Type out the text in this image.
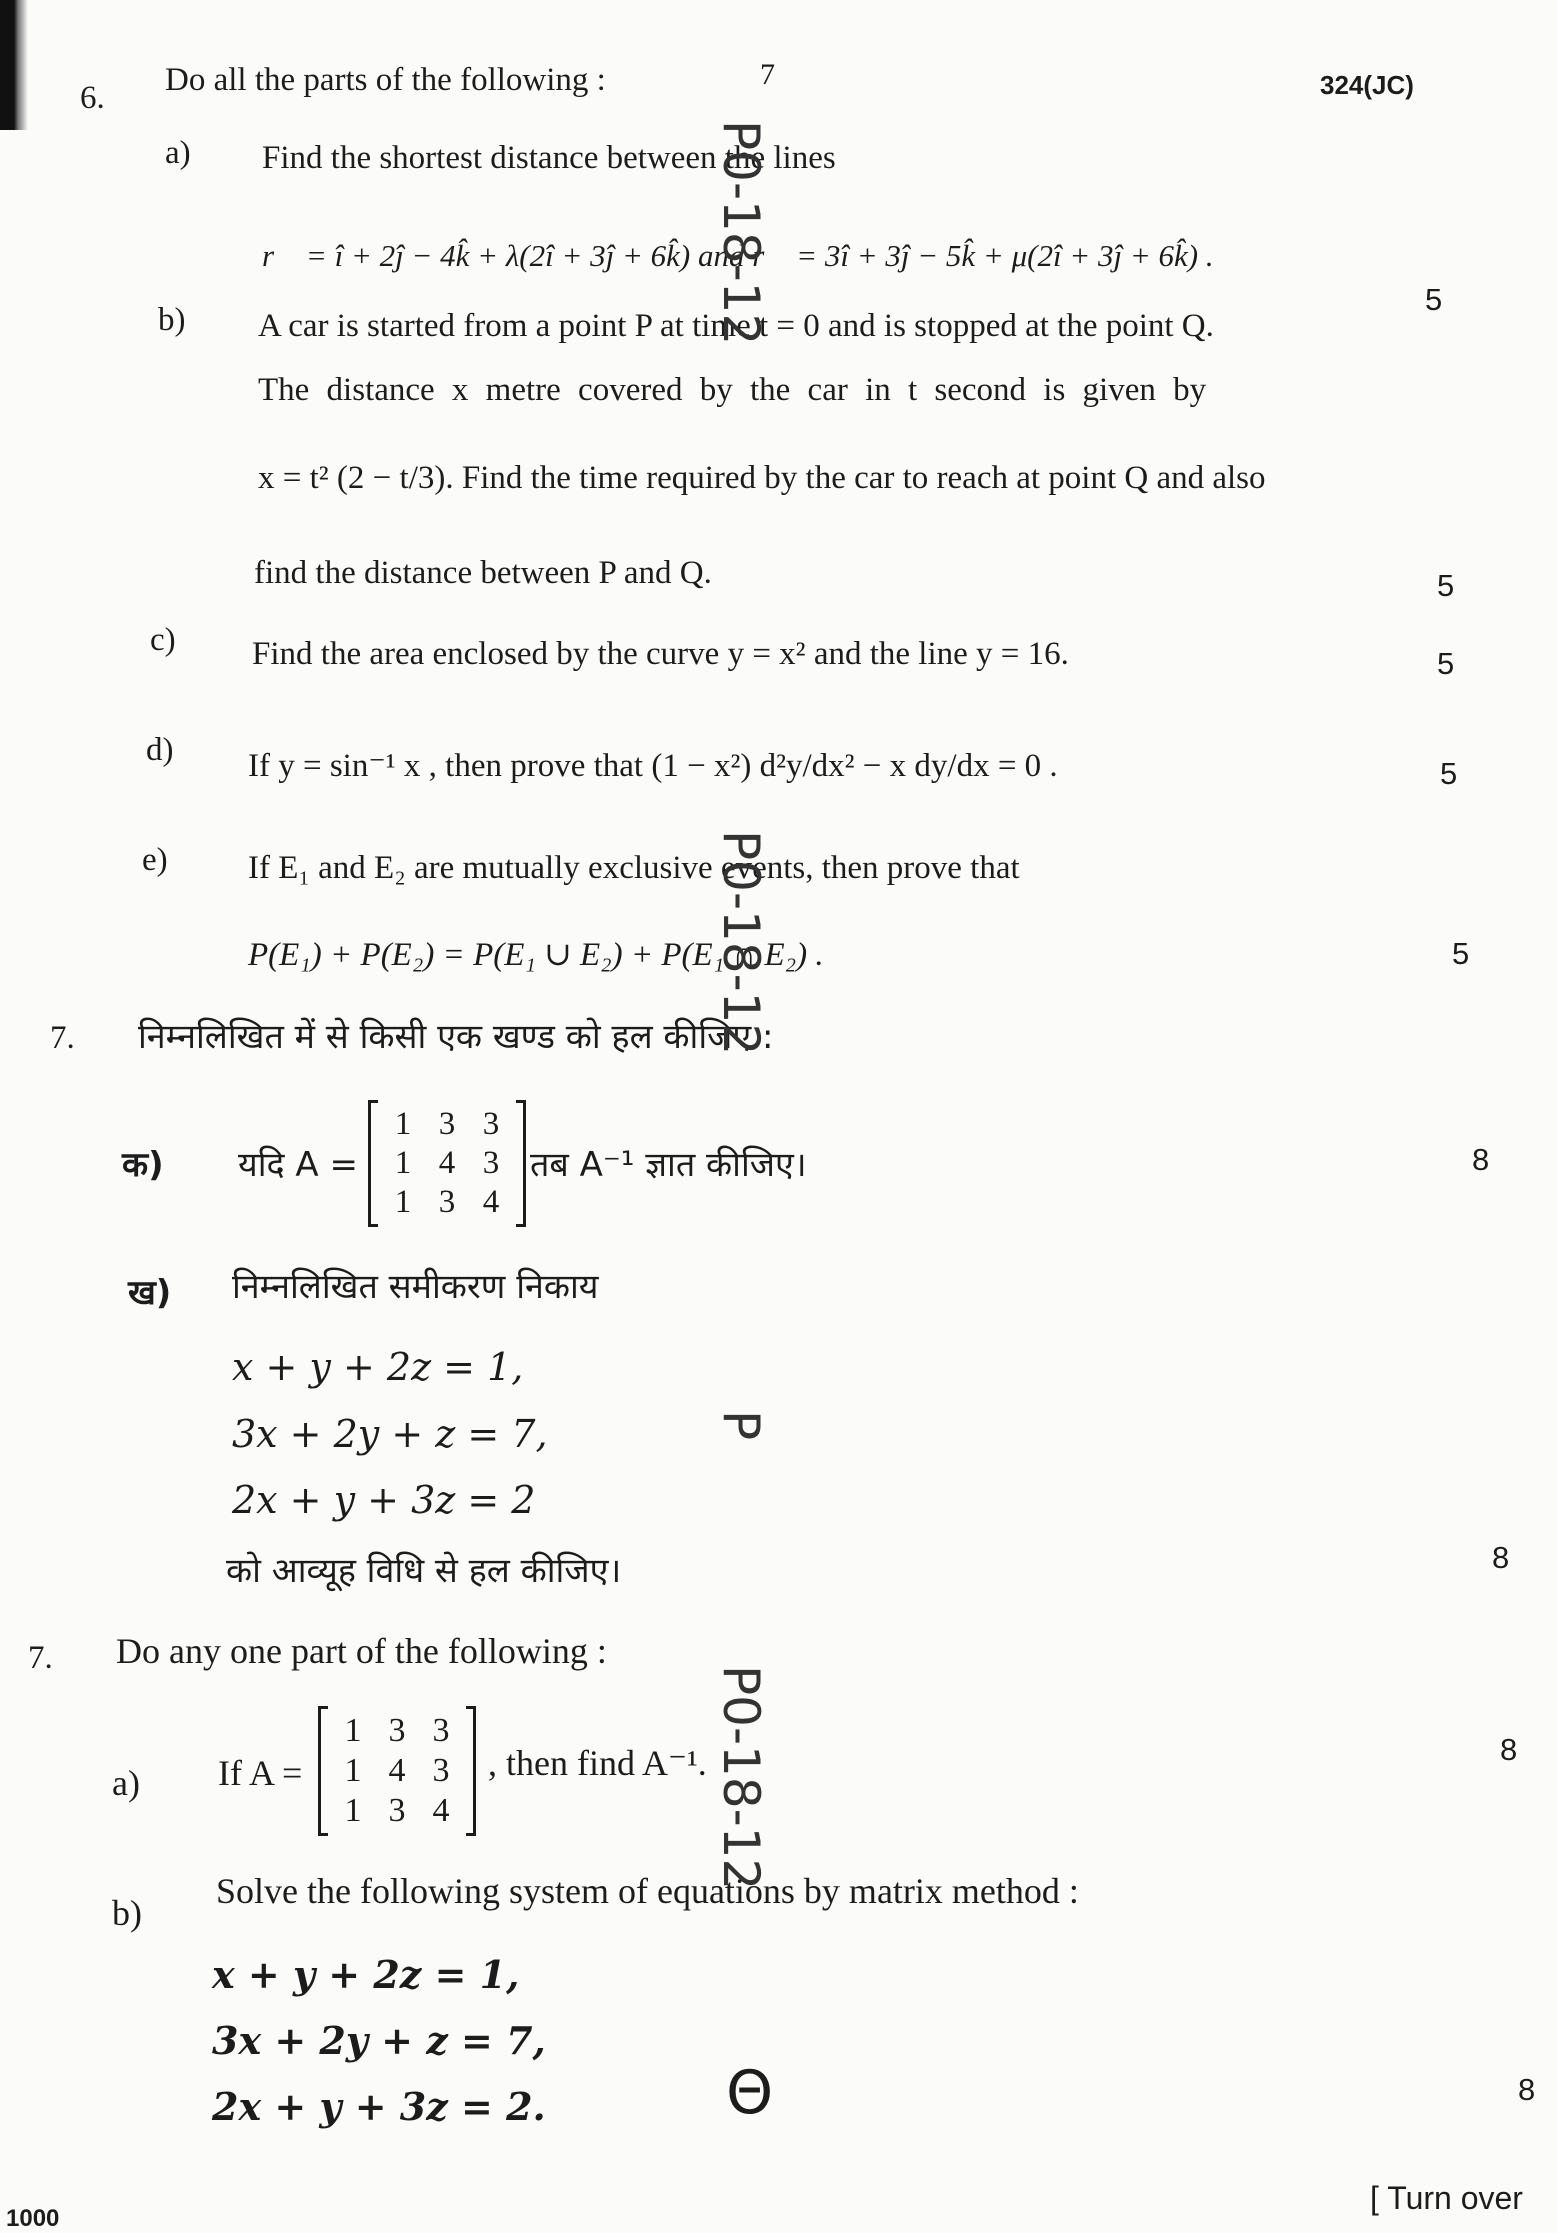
7	324(JC)
6. Do all the parts of the following :
a) Find the shortest distance between the lines
r⃗ = î + 2ĵ − 4k̂ + λ(2î + 3ĵ + 6k̂) and r⃗ = 3î + 3ĵ − 5k̂ + μ(2î + 3ĵ + 6k̂) .
5
b) A car is started from a point P at time t = 0 and is stopped at the point Q.
The distance x metre covered by the car in t second is given by
x = t² (2 − t/3). Find the time required by the car to reach at point Q and also
find the distance between P and Q.	5
c) Find the area enclosed by the curve y = x² and the line y = 16.	5
d) If y = sin⁻¹ x , then prove that (1 − x²) d²y/dx² − x dy/dx = 0 .	5
e) If E₁ and E₂ are mutually exclusive events, then prove that
P(E₁) + P(E₂) = P(E₁ ∪ E₂) + P(E₁ ∩ E₂) .	5
7. निम्नलिखित में से किसी एक खण्ड को हल कीजिए :
क) यदि A =
1 3 3
1 4 3
1 3 4
तब A⁻¹ ज्ञात कीजिए।	8
ख) निम्नलिखित समीकरण निकाय
x + y + 2z = 1,
3x + 2y + z = 7,
2x + y + 3z = 2
को आव्यूह विधि से हल कीजिए।	8
7. Do any one part of the following :
a) If A =
1 3 3
1 4 3
1 3 4
, then find A⁻¹.	8
b)
Solve the following system of equations by matrix method :
x + y + 2z = 1,
3x + 2y + z = 7,
2x + y + 3z = 2.	8
P0-18-12
P0-18-12
P
P0-18-12
Θ
1000
[ Turn over
